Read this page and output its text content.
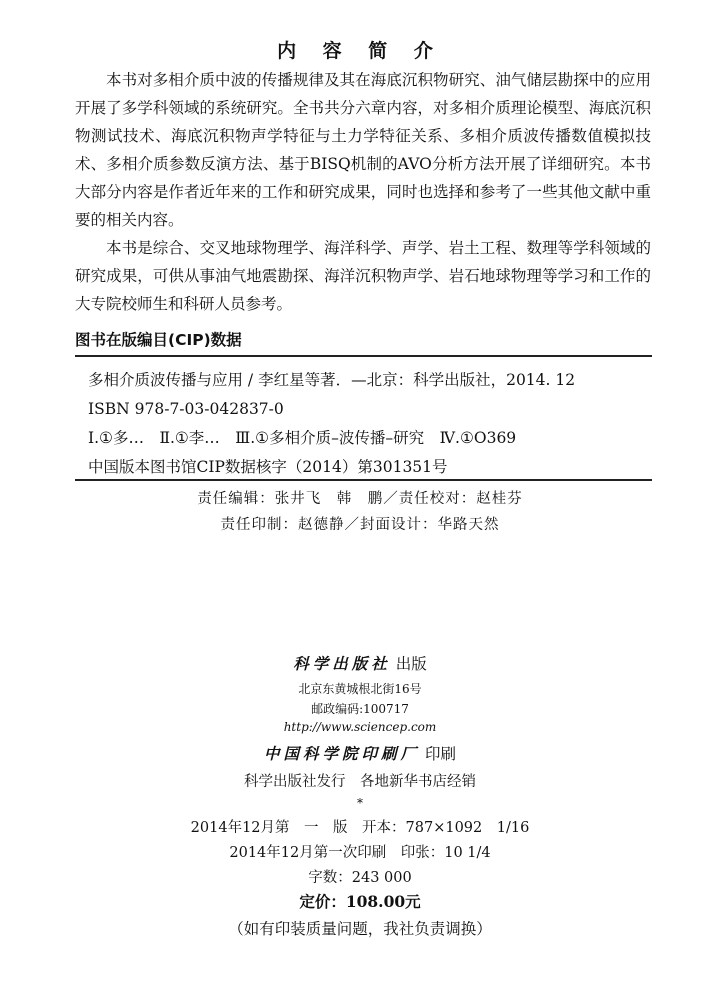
内 容 简 介

本书对多相介质中波的传播规律及其在海底沉积物研究、油气储层勘探中的应用开展了多学科领域的系统研究。全书共分六章内容，对多相介质理论模型、海底沉积物测试技术、海底沉积物声学特征与土力学特征关系、多相介质波传播数值模拟技术、多相介质参数反演方法、基于BISQ机制的AVO分析方法开展了详细研究。本书大部分内容是作者近年来的工作和研究成果，同时也选择和参考了一些其他文献中重要的相关内容。

本书是综合、交叉地球物理学、海洋科学、声学、岩土工程、数理等学科领域的研究成果，可供从事油气地震勘探、海洋沉积物声学、岩石地球物理等学习和工作的大专院校师生和科研人员参考。

图书在版编目(CIP)数据
多相介质波传播与应用 / 李红星等著．—北京：科学出版社，2014. 12
ISBN 978-7-03-042837-0
Ⅰ.①多…　Ⅱ.①李…　Ⅲ.①多相介质–波传播–研究　Ⅳ.①O369
中国版本图书馆CIP数据核字（2014）第301351号
责任编辑：张井飞　韩　鹏／责任校对：赵桂芬
责任印制：赵德静／封面设计：华路天然
科学出版社 出版
北京东黄城根北街16号
邮政编码:100717
http://www.sciencep.com
中国科学院印刷厂 印刷
科学出版社发行　各地新华书店经销
*
2014年12月第　一　版　开本：787×1092　1/16
2014年12月第一次印刷　印张：10 1/4
字数：243 000
定价：108.00元
（如有印装质量问题，我社负责调换）
